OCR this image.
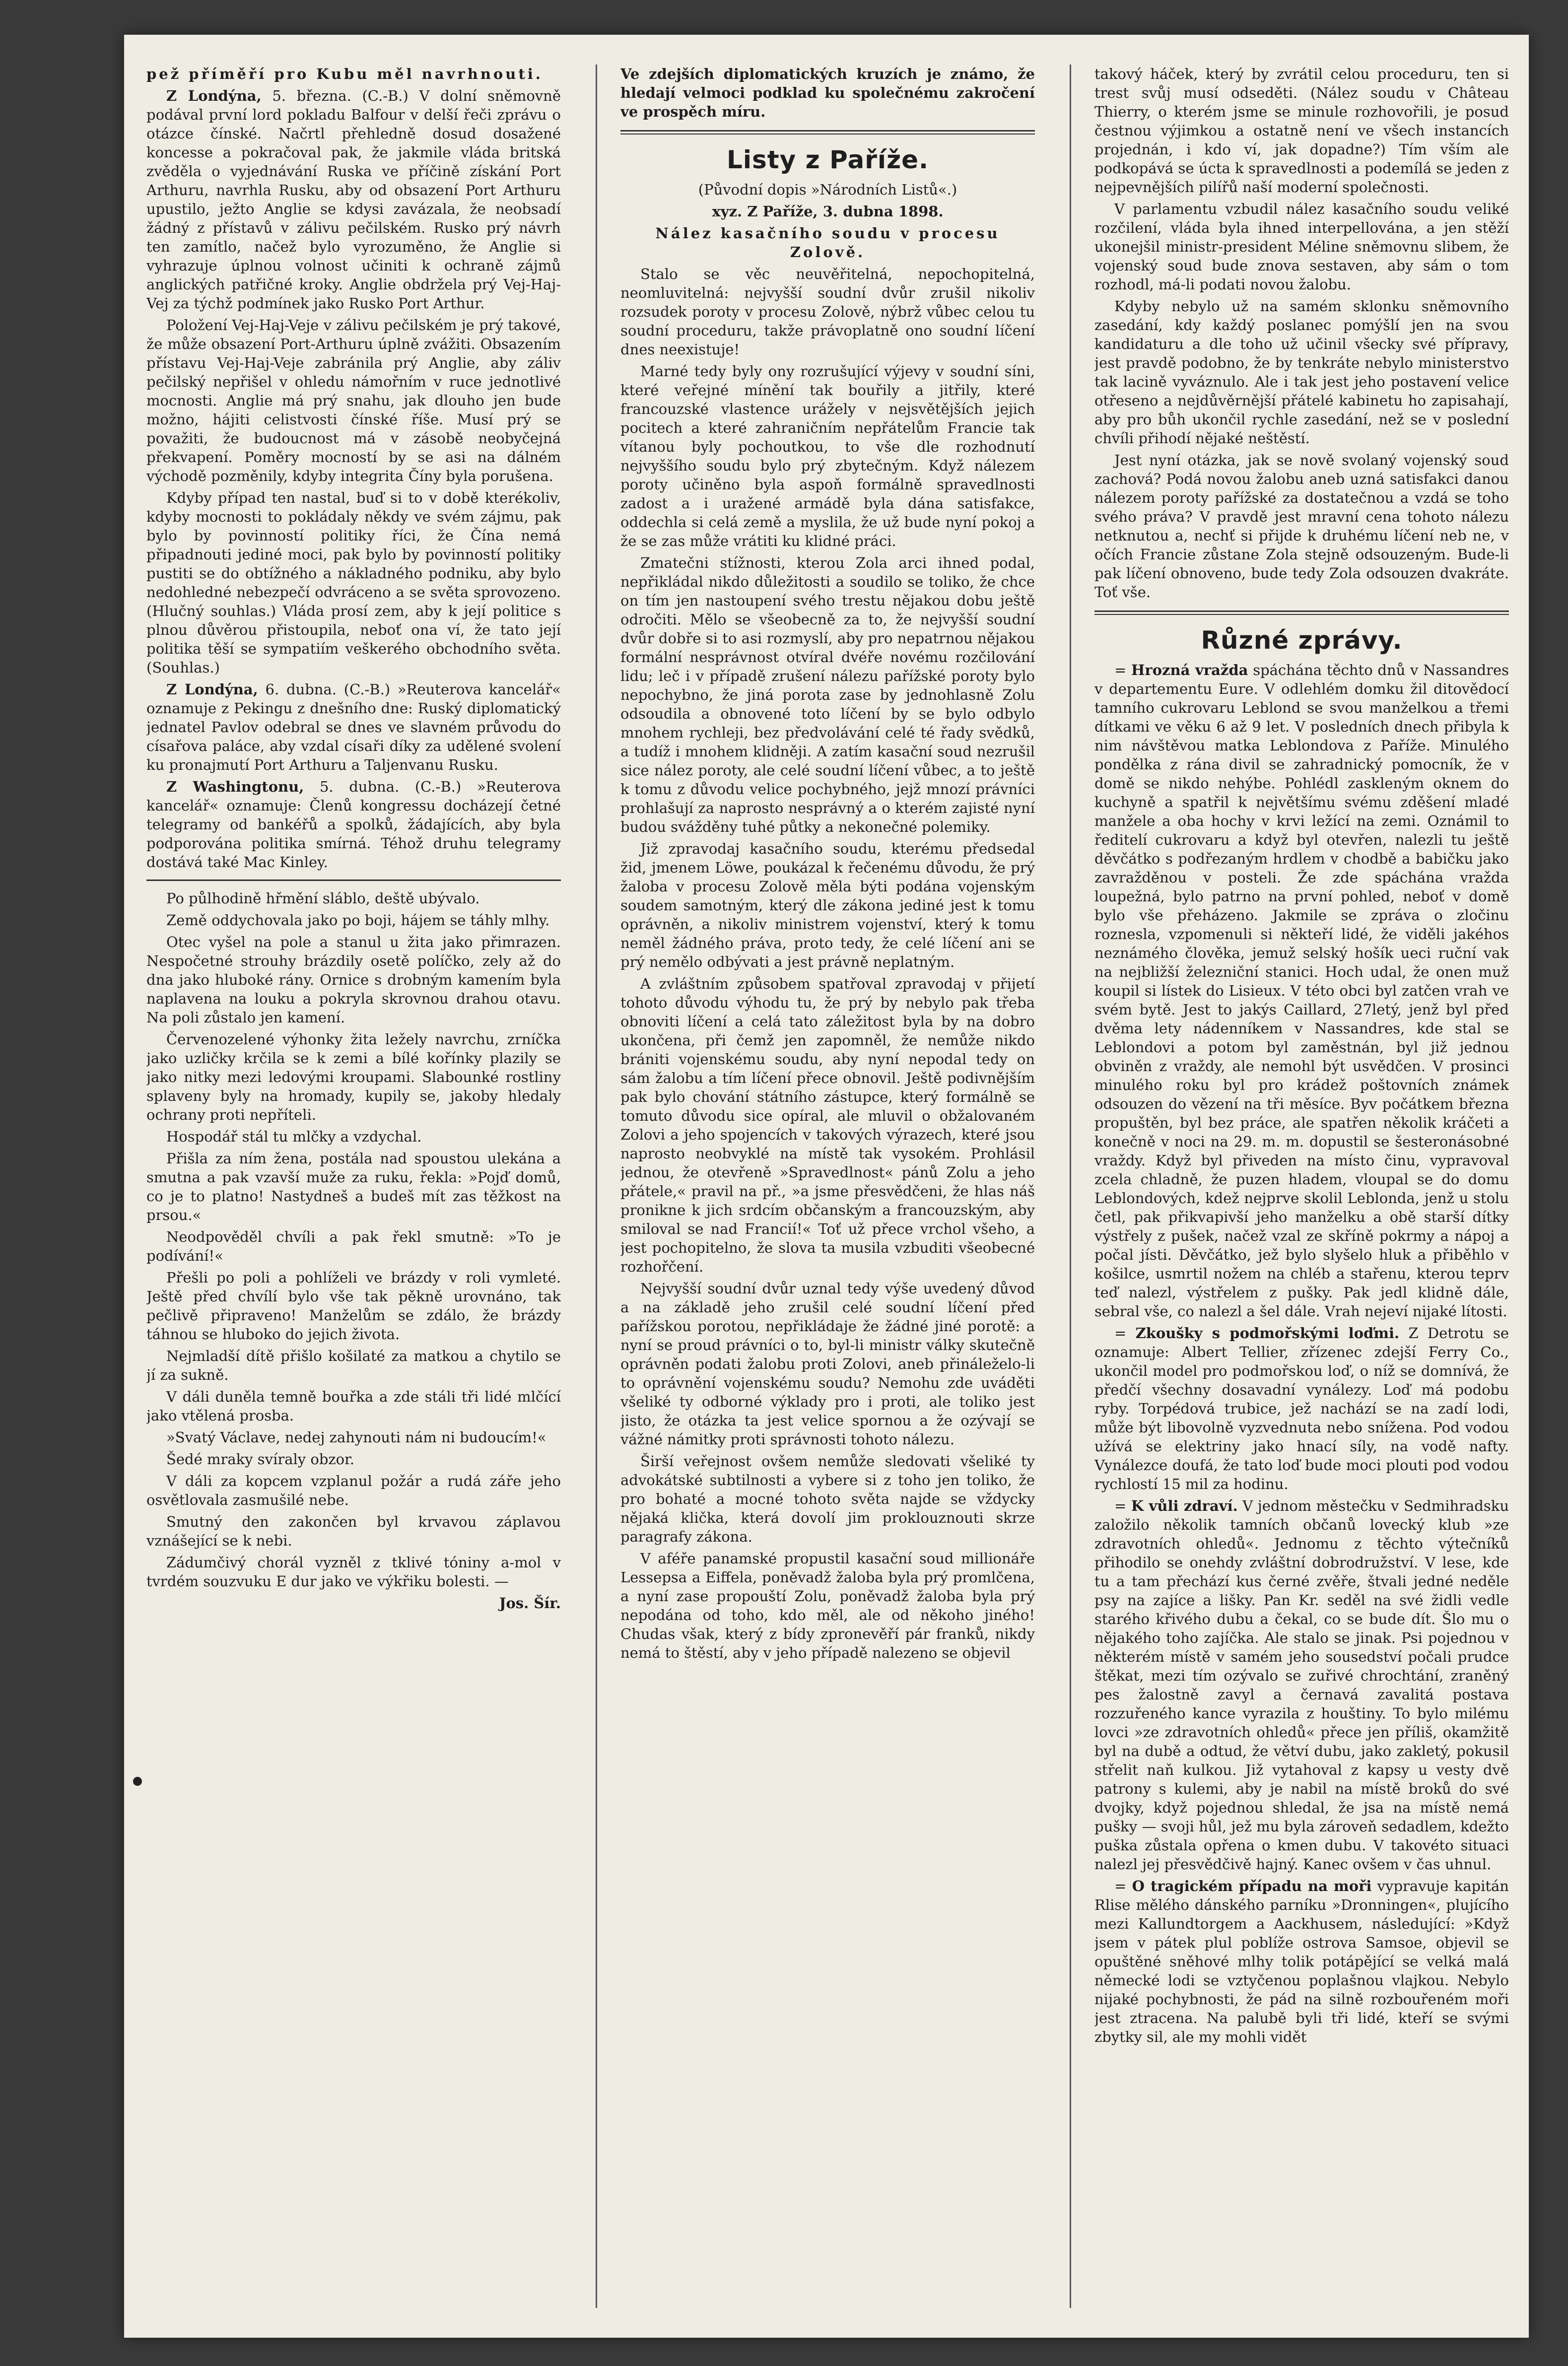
pež příměří pro Kubu měl navrhnouti.

Z Londýna, 5. března. (C.-B.) V dolní sněmovně podával první lord pokladu Balfour v delší řeči zprávu o otázce čínské. Načrtl přehledně dosud dosažené koncesse a pokračoval pak, že jakmile vláda britská zvěděla o vyjednávání Ruska ve příčině získání Port Arthuru, navrhla Rusku, aby od obsazení Port Arthuru upustilo, ježto Anglie se kdysi zavázala, že neobsadí žádný z přístavů v zálivu pečilském. Rusko prý návrh ten zamítlo, načež bylo vyrozuměno, že Anglie si vyhrazuje úplnou volnost učiniti k ochraně zájmů anglických patřičné kroky. Anglie obdržela prý Vej-Haj-Vej za týchž podmínek jako Rusko Port Arthur.

Položení Vej-Haj-Veje v zálivu pečilském je prý takové, že může obsazení Port-Arthuru úplně zvážiti. Obsazením přístavu Vej-Haj-Veje zabránila prý Anglie, aby záliv pečilský nepřišel v ohledu námořním v ruce jednotlivé mocnosti. Anglie má prý snahu, jak dlouho jen bude možno, hájiti celistvosti čínské říše. Musí prý se považiti, že budoucnost má v zásobě neobyčejná překvapení. Poměry mocností by se asi na dálném východě pozměnily, kdyby integrita Číny byla porušena.

Kdyby případ ten nastal, buď si to v době kterékoliv, kdyby mocnosti to pokládaly někdy ve svém zájmu, pak bylo by povinností politiky říci, že Čína nemá připadnouti jediné moci, pak bylo by povinností politiky pustiti se do obtížného a nákladného podniku, aby bylo nedohledné nebezpečí odvráceno a se světa sprovozeno. (Hlučný souhlas.) Vláda prosí zem, aby k její politice s plnou důvěrou přistoupila, neboť ona ví, že tato její politika těší se sympatiím veškerého obchodního světa. (Souhlas.)

Z Londýna, 6. dubna. (C.-B.) »Reuterova kancelář« oznamuje z Pekingu z dnešního dne: Ruský diplomatický jednatel Pavlov odebral se dnes ve slavném průvodu do císařova paláce, aby vzdal císaři díky za udělené svolení ku pronajmutí Port Arthuru a Taljenvanu Rusku.

Z Washingtonu, 5. dubna. (C.-B.) »Reuterova kancelář« oznamuje: Členů kongressu docházejí četné telegramy od bankéřů a spolků, žádajících, aby byla podporována politika smírná. Téhož druhu telegramy dostává také Mac Kinley.

Po půlhodině hřmění sláblo, deště ubývalo.

Země oddychovala jako po boji, hájem se táhly mlhy.

Otec vyšel na pole a stanul u žita jako přimrazen. Nespočetné strouhy brázdily osetě políčko, zely až do dna jako hluboké rány. Ornice s drobným kamením byla naplavena na louku a pokryla skrovnou drahou otavu. Na poli zůstalo jen kamení.

Červenozelené výhonky žita ležely navrchu, zrníčka jako uzličky krčila se k zemi a bílé kořínky plazily se jako nitky mezi ledovými kroupami. Slabounké rostliny splaveny byly na hromady, kupily se, jakoby hledaly ochrany proti nepříteli.

Hospodář stál tu mlčky a vzdychal.

Přišla za ním žena, postála nad spoustou ulekána a smutna a pak vzavší muže za ruku, řekla: »Pojď domů, co je to platno! Nastydneš a budeš mít zas těžkost na prsou.«

Neodpověděl chvíli a pak řekl smutně: »To je podívání!«

Přešli po poli a pohlíželi ve brázdy v roli vymleté. Ještě před chvílí bylo vše tak pěkně urovnáno, tak pečlivě připraveno! Manželům se zdálo, že brázdy táhnou se hluboko do jejich života.

Nejmladší dítě přišlo košilaté za matkou a chytilo se jí za sukně.

V dáli duněla temně bouřka a zde stáli tři lidé mlčící jako vtělená prosba.

»Svatý Václave, nedej zahynouti nám ni budoucím!«

Šedé mraky svíraly obzor.

V dáli za kopcem vzplanul požár a rudá záře jeho osvětlovala zasmušilé nebe.

Smutný den zakončen byl krvavou záplavou vznášející se k nebi.

Zádumčivý chorál vyzněl z tklivé tóniny a-mol v tvrdém souzvuku E dur jako ve výkřiku bolesti. —

Jos. Šír.

Ve zdejších diplomatických kruzích je známo, že hledají velmoci podklad ku společnému zakročení ve prospěch míru.

Listy z Paříže.

(Původní dopis »Národních Listů«.)

xyz. Z Paříže, 3. dubna 1898.

Nález kasačního soudu v procesu Zolově.

Stalo se věc neuvěřitelná, nepochopitelná, neomluvitelná: nejvyšší soudní dvůr zrušil nikoliv rozsudek poroty v procesu Zolově, nýbrž vůbec celou tu soudní proceduru, takže právoplatně ono soudní líčení dnes neexistuje!

Marné tedy byly ony rozrušující výjevy v soudní síni, které veřejné mínění tak bouřily a jitřily, které francouzské vlastence urážely v nejsvětějších jejich pocitech a které zahraničním nepřátelům Francie tak vítanou byly pochoutkou, to vše dle rozhodnutí nejvyššího soudu bylo prý zbytečným. Když nálezem poroty učiněno byla aspoň formálně spravedlnosti zadost a i uražené armádě byla dána satisfakce, oddechla si celá země a myslila, že už bude nyní pokoj a že se zas může vrátiti ku klidné práci.

Zmatečni stížnosti, kterou Zola arci ihned podal, nepřikládal nikdo důležitosti a soudilo se toliko, že chce on tím jen nastoupení svého trestu nějakou dobu ještě odročiti. Mělo se všeobecně za to, že nejvyšší soudní dvůr dobře si to asi rozmyslí, aby pro nepatrnou nějakou formální nesprávnost otvíral dvéře novému rozčilování lidu; leč i v případě zrušení nálezu pařížské poroty bylo nepochybno, že jiná porota zase by jednohlasně Zolu odsoudila a obnovené toto líčení by se bylo odbylo mnohem rychleji, bez předvolávání celé té řady svědků, a tudíž i mnohem klidněji. A zatím kasační soud nezrušil sice nález poroty, ale celé soudní líčení vůbec, a to ještě k tomu z důvodu velice pochybného, jejž mnozí právníci prohlašují za naprosto nesprávný a o kterém zajisté nyní budou svážděny tuhé půtky a nekonečné polemiky.

Již zpravodaj kasačního soudu, kterému předsedal žid, jmenem Löwe, poukázal k řečenému důvodu, že prý žaloba v procesu Zolově měla býti podána vojenským soudem samotným, který dle zákona jediné jest k tomu oprávněn, a nikoliv ministrem vojenství, který k tomu neměl žádného práva, proto tedy, že celé líčení ani se prý nemělo odbývati a jest právně neplatným.

A zvláštním způsobem spatřoval zpravodaj v přijetí tohoto důvodu výhodu tu, že prý by nebylo pak třeba obnoviti líčení a celá tato záležitost byla by na dobro ukončena, při čemž jen zapomněl, že nemůže nikdo brániti vojenskému soudu, aby nyní nepodal tedy on sám žalobu a tím líčení přece obnovil. Ještě podivnějším pak bylo chování státního zástupce, který formálně se tomuto důvodu sice opíral, ale mluvil o obžalovaném Zolovi a jeho spojencích v takových výrazech, které jsou naprosto neobvyklé na místě tak vysokém. Prohlásil jednou, že otevřeně »Spravedlnost« pánů Zolu a jeho přátele,« pravil na př., »a jsme přesvědčeni, že hlas náš pronikne k jich srdcím občanským a francouzským, aby smiloval se nad Francií!« Toť už přece vrchol všeho, a jest pochopitelno, že slova ta musila vzbuditi všeobecné rozhořčení.

Nejvyšší soudní dvůr uznal tedy výše uvedený důvod a na základě jeho zrušil celé soudní líčení před pařížskou porotou, nepřikládaje že žádné jiné porotě: a nyní se proud právníci o to, byl-li ministr války skutečně oprávněn podati žalobu proti Zolovi, aneb přináleželo-li to oprávnění vojenskému soudu? Nemohu zde uváděti všeliké ty odborné výklady pro i proti, ale toliko jest jisto, že otázka ta jest velice spornou a že ozývají se vážné námitky proti správnosti tohoto nálezu.

Širší veřejnost ovšem nemůže sledovati všeliké ty advokátské subtilnosti a vybere si z toho jen toliko, že pro bohaté a mocné tohoto světa najde se vždycky nějaká klička, která dovolí jim proklouznouti skrze paragrafy zákona.

V aféře panamské propustil kasační soud millionáře Lessepsa a Eiffela, poněvadž žaloba byla prý promlčena, a nyní zase propouští Zolu, poněvadž žaloba byla prý nepodána od toho, kdo měl, ale od někoho jiného! Chudas však, který z bídy zpronevěří pár franků, nikdy nemá to štěstí, aby v jeho případě nalezeno se objevil

takový háček, který by zvrátil celou proceduru, ten si trest svůj musí odseděti. (Nález soudu v Château Thierry, o kterém jsme se minule rozhovořili, je posud čestnou výjimkou a ostatně není ve všech instancích projednán, i kdo ví, jak dopadne?) Tím vším ale podkopává se úcta k spravedlnosti a podemílá se jeden z nejpevnějších pilířů naší moderní společnosti.

V parlamentu vzbudil nález kasačního soudu veliké rozčilení, vláda byla ihned interpellována, a jen stěží ukonejšil ministr-president Méline sněmovnu slibem, že vojenský soud bude znova sestaven, aby sám o tom rozhodl, má-li podati novou žalobu.

Kdyby nebylo už na samém sklonku sněmovního zasedání, kdy každý poslanec pomýšlí jen na svou kandidaturu a dle toho už učinil všecky své přípravy, jest pravdě podobno, že by tenkráte nebylo ministerstvo tak lacině vyváznulo. Ale i tak jest jeho postavení velice otřeseno a nejdůvěrnější přátelé kabinetu ho zapisahají, aby pro bůh ukončil rychle zasedání, než se v poslední chvíli přihodí nějaké neštěstí.

Jest nyní otázka, jak se nově svolaný vojenský soud zachová? Podá novou žalobu aneb uzná satisfakci danou nálezem poroty pařížské za dostatečnou a vzdá se toho svého práva? V pravdě jest mravní cena tohoto nálezu netknutou a, nechť si přijde k druhému líčení neb ne, v očích Francie zůstane Zola stejně odsouzeným. Bude-li pak líčení obnoveno, bude tedy Zola odsouzen dvakráte. Toť vše.

Různé zprávy.

= Hrozná vražda spáchána těchto dnů v Nassandres v departementu Eure. V odlehlém domku žil ditovědocí tamního cukrovaru Leblond se svou manželkou a třemi dítkami ve věku 6 až 9 let. V posledních dnech přibyla k nim návštěvou matka Leblondova z Paříže. Minulého pondělka z rána divil se zahradnický pomocník, že v domě se nikdo nehýbe. Pohlédl zaskleným oknem do kuchyně a spatřil k největšímu svému zděšení mladé manžele a oba hochy v krvi ležící na zemi. Oznámil to ředitelí cukrovaru a když byl otevřen, nalezli tu ještě děvčátko s podřezaným hrdlem v chodbě a babičku jako zavražděnou v posteli. Že zde spáchána vražda loupežná, bylo patrno na první pohled, neboť v domě bylo vše přeházeno. Jakmile se zpráva o zločinu rozneslа, vzpomenuli si někteří lidé, že viděli jakéhos neznámého člověka, jemuž selský hošík ueci ruční vak na nejbližší železniční stanici. Hoch udal, že onen muž koupil si lístek do Lisieux. V této obci byl zatčen vrah ve svém bytě. Jest to jakýs Caillard, 27letý, jenž byl před dvěma lety nádenníkem v Nassandres, kde stal se Leblondovi a potom byl zaměstnán, byl již jednou obviněn z vraždy, ale nemohl být usvědčen. V prosinci minulého roku byl pro krádež poštovních známek odsouzen do vězení na tři měsíce. Byv počátkem března propuštěn, byl bez práce, ale spatřen několik kráčeti a konečně v noci na 29. m. m. dopustil se šesteronásobné vraždy. Když byl přiveden na místo činu, vypravoval zcela chladně, že puzen hladem, vloupal se do domu Leblondových, kdež nejprve skolil Leblonda, jenž u stolu četl, pak přikvapivší jeho manželku a obě starší dítky výstřely z pušek, načež vzal ze skříně pokrmy a nápoj a počal jísti. Děvčátko, jež bylo slyšelo hluk a přiběhlo v košilce, usmrtil nožem na chléb a stařenu, kterou teprv teď nalezl, výstřelem z pušky. Pak jedl klidně dále, sebral vše, co nalezl a šel dále. Vrah nejeví nijaké lítosti.

= Zkoušky s podmořskými loďmi. Z Detrotu se oznamuje: Albert Tellier, zřízenec zdejší Ferry Co., ukončil model pro podmořskou loď, o níž se domnívá, že předčí všechny dosavadní vynálezy. Loď má podobu ryby. Torpédová trubice, jež nachází se na zadí lodi, může být libovolně vyzvednuta nebo snížena. Pod vodou užívá se elektriny jako hnací síly, na vodě nafty. Vynálezce doufá, že tato loď bude moci plouti pod vodou rychlostí 15 mil za hodinu.

= K vůli zdraví. V jednom městečku v Sedmihradsku založilo několik tamních občanů lovecký klub »ze zdravotních ohledů«. Jednomu z těchto výtečníků přihodilo se onehdy zvláštní dobrodružství. V lese, kde tu a tam přechází kus černé zvěře, štvali jedné neděle psy na zajíce a lišky. Pan Kr. seděl na své židli vedle starého křivého dubu a čekal, co se bude dít. Šlo mu o nějakého toho zajíčka. Ale stalo se jinak. Psi pojednou v některém místě v samém jeho sousedství počali prudce štěkat, mezi tím ozývalo se zuřivé chrochtání, zraněný pes žalostně zavyl a černavá zavalitá postava rozzuřeného kance vyrazila z houštiny. To bylo milému lovci »ze zdravotních ohledů« přece jen příliš, okamžitě byl na dubě a odtud, že větví dubu, jako zakletý, pokusil střelit naň kulkou. Již vytahoval z kapsy u vesty dvě patrony s kulemi, aby je nabil na místě broků do své dvojky, když pojednou shledal, že jsa na místě nemá pušky — svoji hůl, jež mu byla zároveň sedadlem, kdežto puška zůstala opřena o kmen dubu. V takovéto situaci nalezl jej přesvědčivě hajný. Kanec ovšem v čas uhnul.

= O tragickém případu na moři vypravuje kapitán Rlise mělého dánského parníku »Dronningen«, plujícího mezi Kallundtorgem a Aackhusem, následující: »Když jsem v pátek plul poblíže ostrova Samsoe, objevil se opuštěné sněhové mlhy tolik potápějící se velká malá německé lodi se vztyčenou poplašnou vlajkou. Nebylo nijaké pochybnosti, že pád na silně rozbouřeném moři jest ztracena. Na palubě byli tři lidé, kteří se svými zbytky sil, ale my mohli vidět
